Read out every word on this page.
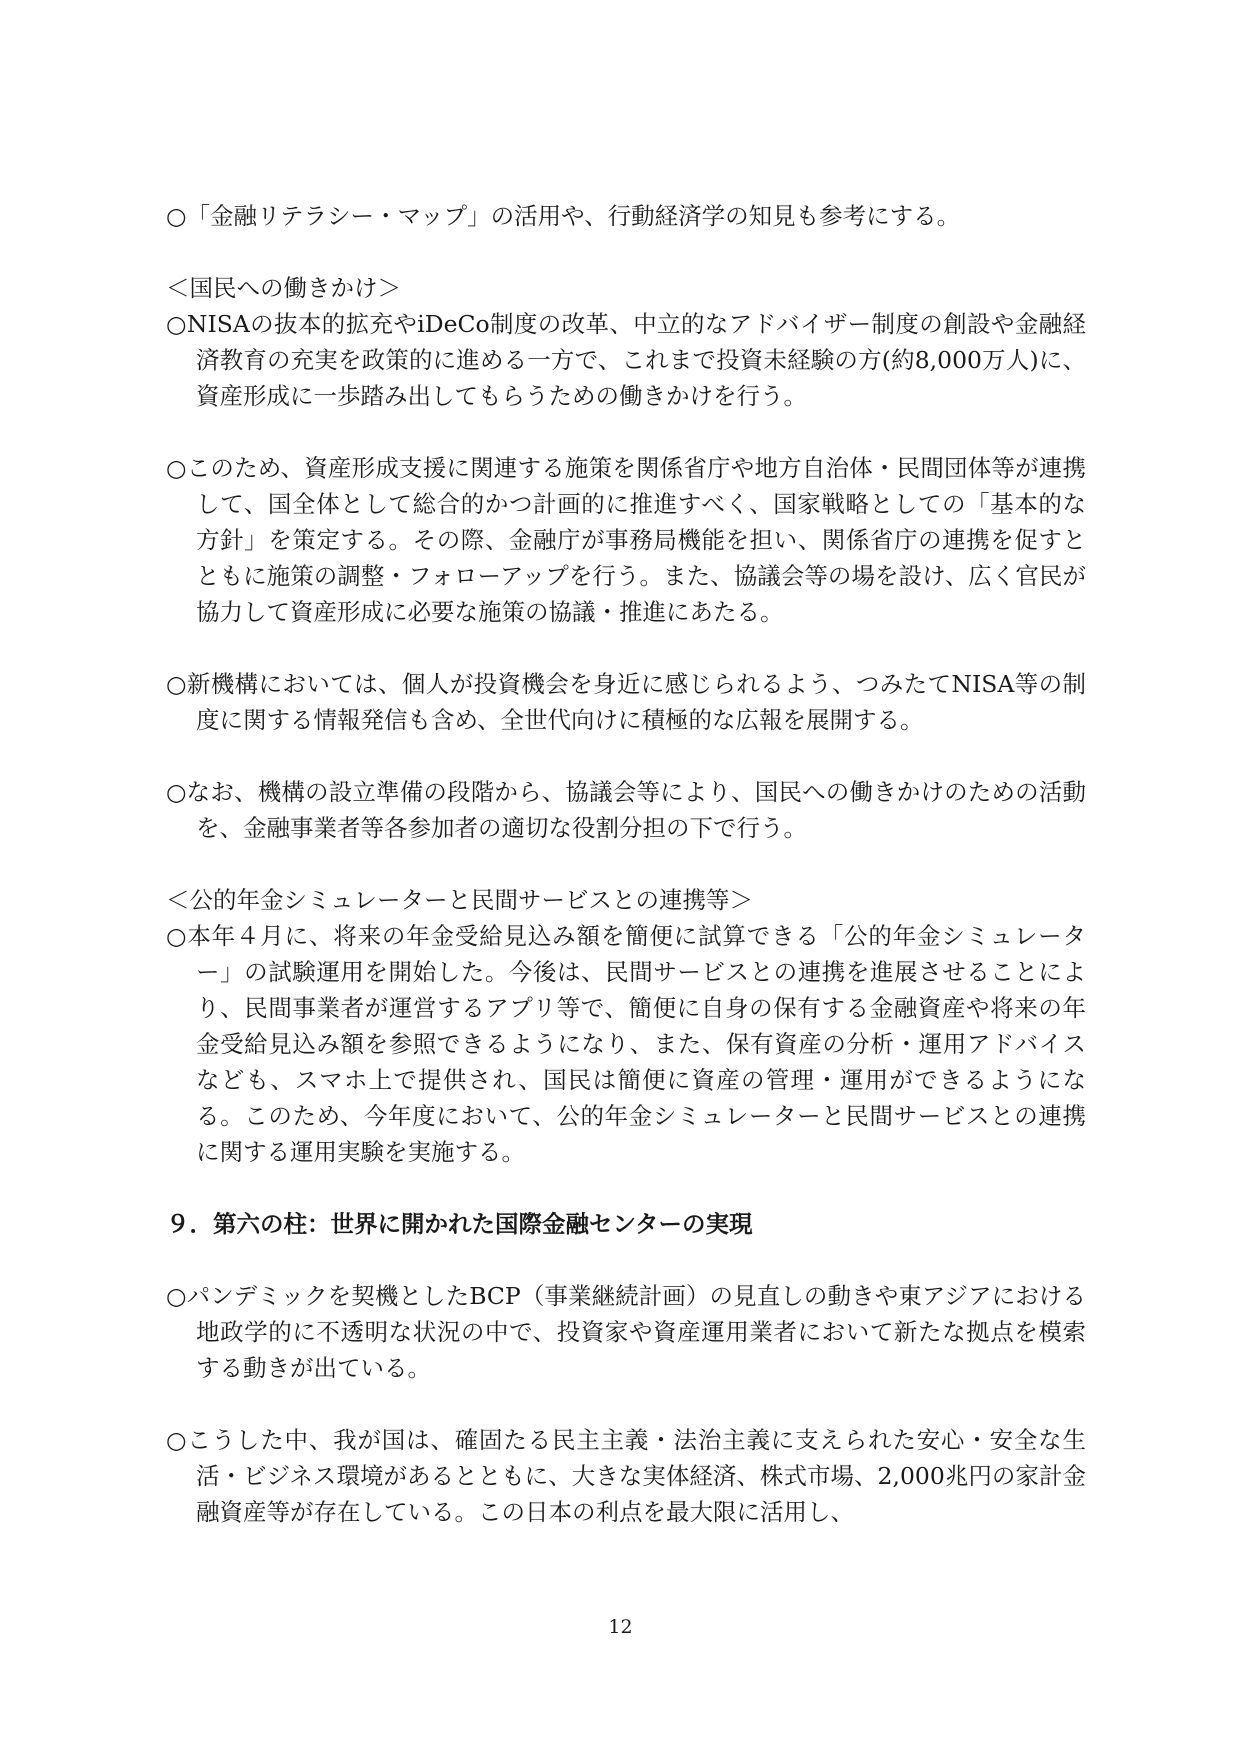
○「金融リテラシー・マップ」の活用や、行動経済学の知見も参考にする。

＜国民への働きかけ＞

○NISAの抜本的拡充やiDeCo制度の改革、中立的なアドバイザー制度の創設や金融経済教育の充実を政策的に進める一方で、これまで投資未経験の方(約8,000万人)に、資産形成に一歩踏み出してもらうための働きかけを行う。

○このため、資産形成支援に関連する施策を関係省庁や地方自治体・民間団体等が連携して、国全体として総合的かつ計画的に推進すべく、国家戦略としての「基本的な方針」を策定する。その際、金融庁が事務局機能を担い、関係省庁の連携を促すとともに施策の調整・フォローアップを行う。また、協議会等の場を設け、広く官民が協力して資産形成に必要な施策の協議・推進にあたる。

○新機構においては、個人が投資機会を身近に感じられるよう、つみたてNISA等の制度に関する情報発信も含め、全世代向けに積極的な広報を展開する。

○なお、機構の設立準備の段階から、協議会等により、国民への働きかけのための活動を、金融事業者等各参加者の適切な役割分担の下で行う。

＜公的年金シミュレーターと民間サービスとの連携等＞

○本年４月に、将来の年金受給見込み額を簡便に試算できる「公的年金シミュレーター」の試験運用を開始した。今後は、民間サービスとの連携を進展させることにより、民間事業者が運営するアプリ等で、簡便に自身の保有する金融資産や将来の年金受給見込み額を参照できるようになり、また、保有資産の分析・運用アドバイスなども、スマホ上で提供され、国民は簡便に資産の管理・運用ができるようになる。このため、今年度において、公的年金シミュレーターと民間サービスとの連携に関する運用実験を実施する。

９．第六の柱：世界に開かれた国際金融センターの実現

○パンデミックを契機としたBCP（事業継続計画）の見直しの動きや東アジアにおける地政学的に不透明な状況の中で、投資家や資産運用業者において新たな拠点を模索する動きが出ている。

○こうした中、我が国は、確固たる民主主義・法治主義に支えられた安心・安全な生活・ビジネス環境があるとともに、大きな実体経済、株式市場、2,000兆円の家計金融資産等が存在している。この日本の利点を最大限に活用し、

12
